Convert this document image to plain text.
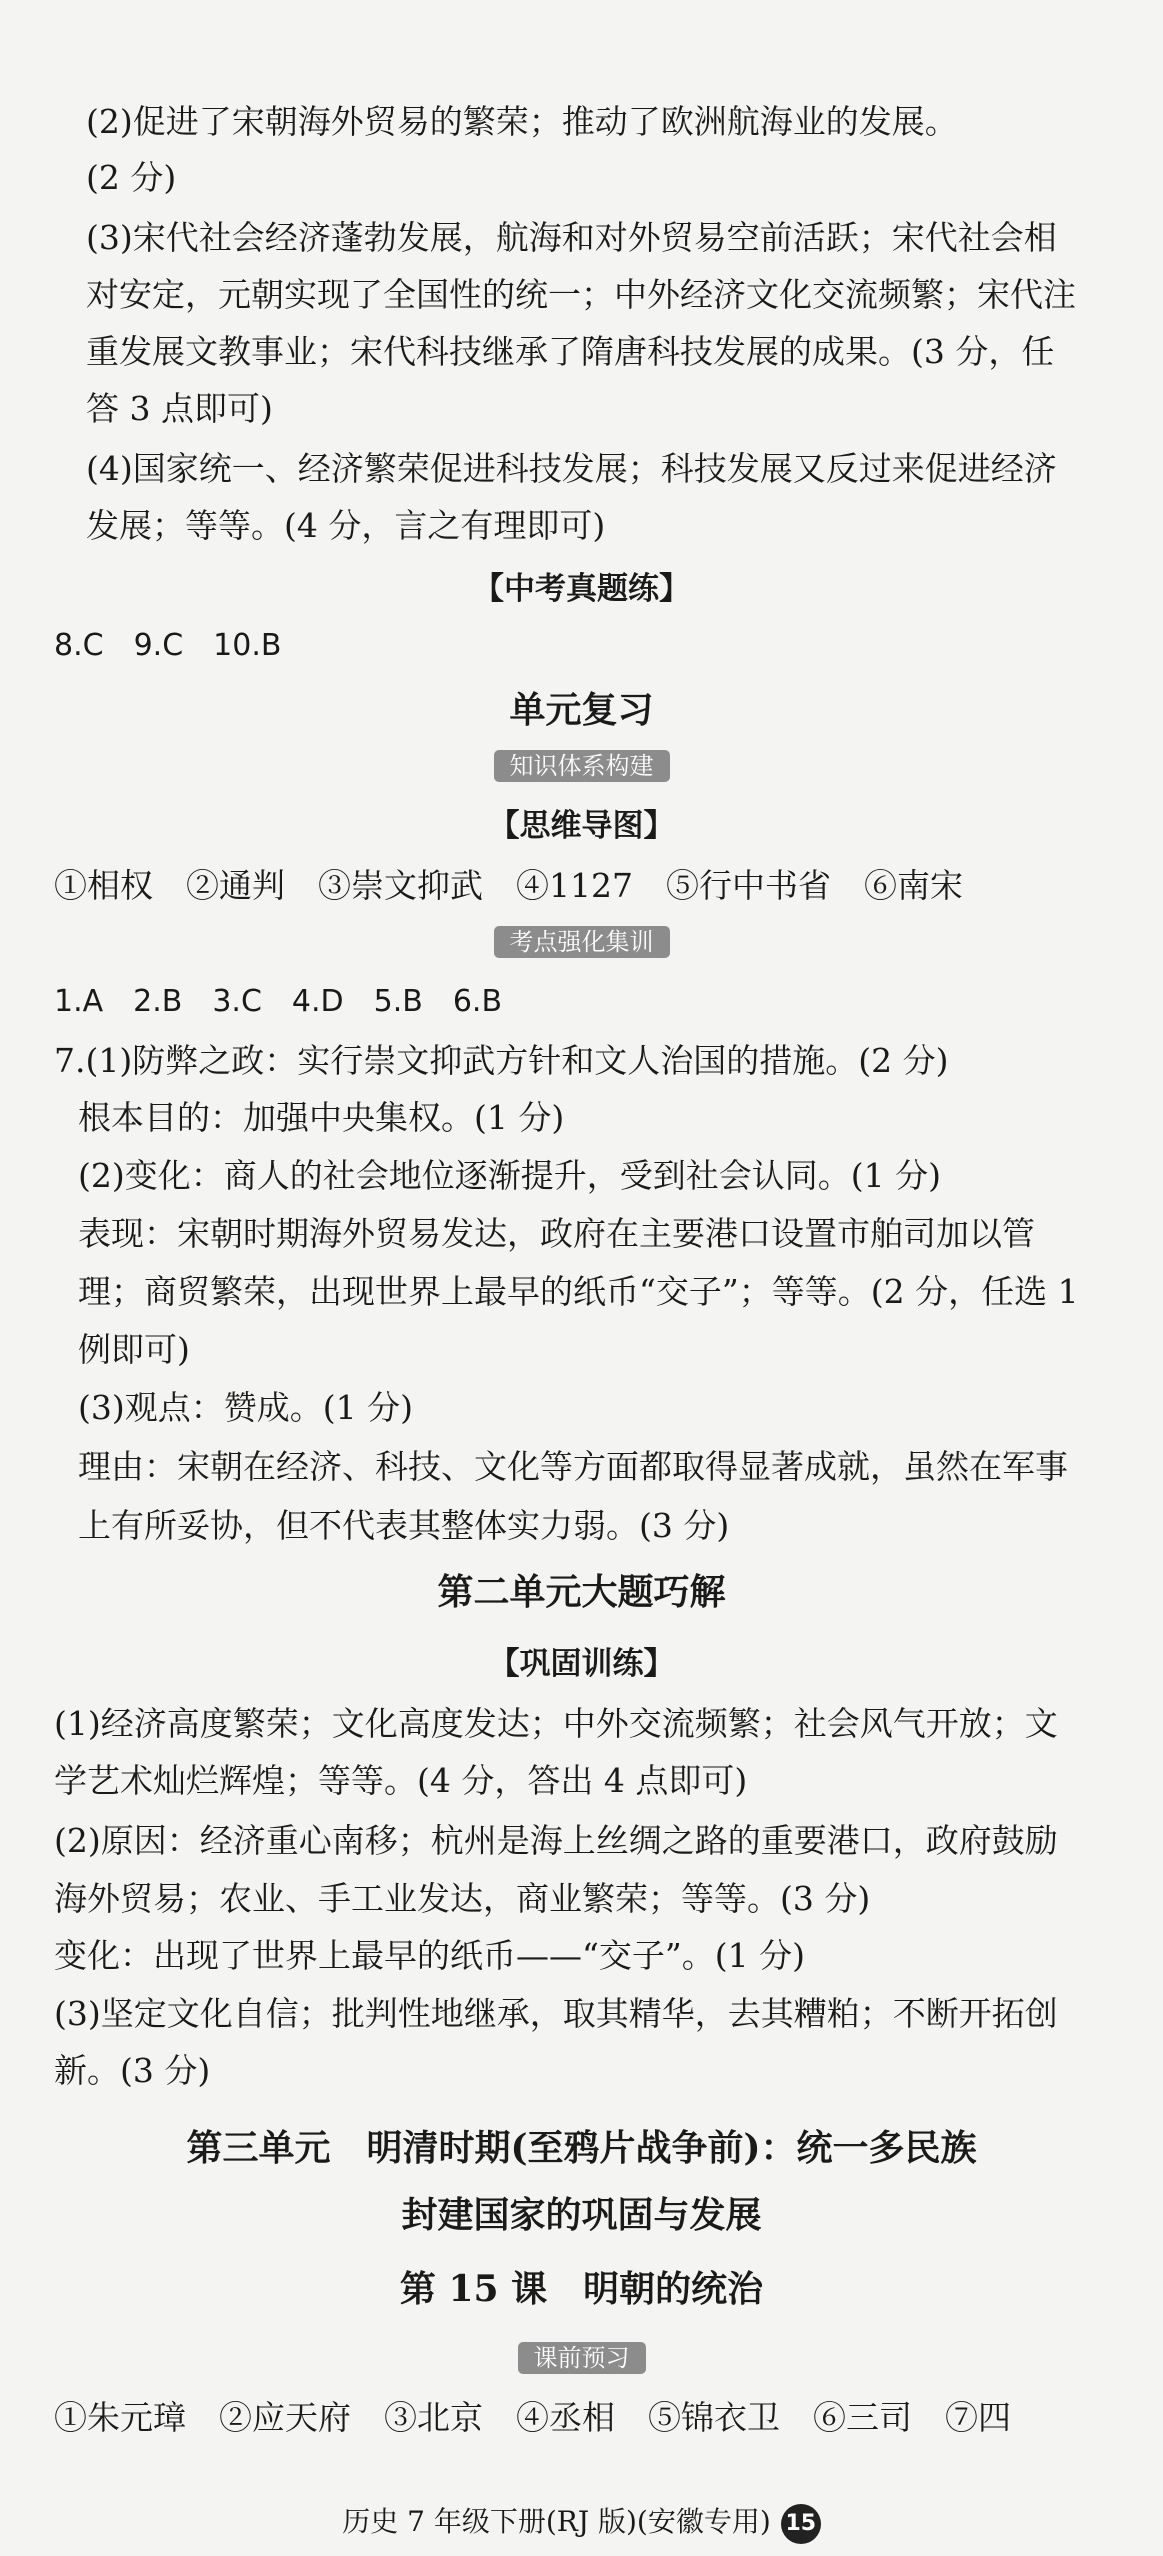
(2)促进了宋朝海外贸易的繁荣；推动了欧洲航海业的发展。
(2 分)
(3)宋代社会经济蓬勃发展，航海和对外贸易空前活跃；宋代社会相
对安定，元朝实现了全国性的统一；中外经济文化交流频繁；宋代注
重发展文教事业；宋代科技继承了隋唐科技发展的成果。(3 分，任
答 3 点即可)
(4)国家统一、经济繁荣促进科技发展；科技发展又反过来促进经济
发展；等等。(4 分，言之有理即可)
【中考真题练】
8.C　9.C　10.B
单元复习
知识体系构建
【思维导图】
①相权　②通判　③崇文抑武　④1127　⑤行中书省　⑥南宋
考点强化集训
1.A　2.B　3.C　4.D　5.B　6.B
7.(1)防弊之政：实行崇文抑武方针和文人治国的措施。(2 分)
根本目的：加强中央集权。(1 分)
(2)变化：商人的社会地位逐渐提升，受到社会认同。(1 分)
表现：宋朝时期海外贸易发达，政府在主要港口设置市舶司加以管
理；商贸繁荣，出现世界上最早的纸币“交子”；等等。(2 分，任选 1
例即可)
(3)观点：赞成。(1 分)
理由：宋朝在经济、科技、文化等方面都取得显著成就，虽然在军事
上有所妥协，但不代表其整体实力弱。(3 分)
第二单元大题巧解
【巩固训练】
(1)经济高度繁荣；文化高度发达；中外交流频繁；社会风气开放；文
学艺术灿烂辉煌；等等。(4 分，答出 4 点即可)
(2)原因：经济重心南移；杭州是海上丝绸之路的重要港口，政府鼓励
海外贸易；农业、手工业发达，商业繁荣；等等。(3 分)
变化：出现了世界上最早的纸币——“交子”。(1 分)
(3)坚定文化自信；批判性地继承，取其精华，去其糟粕；不断开拓创
新。(3 分)
第三单元　明清时期(至鸦片战争前)：统一多民族
封建国家的巩固与发展
第 15 课　明朝的统治
课前预习
①朱元璋　②应天府　③北京　④丞相　⑤锦衣卫　⑥三司　⑦四
历史 7 年级下册(RJ 版)(安徽专用) 15
